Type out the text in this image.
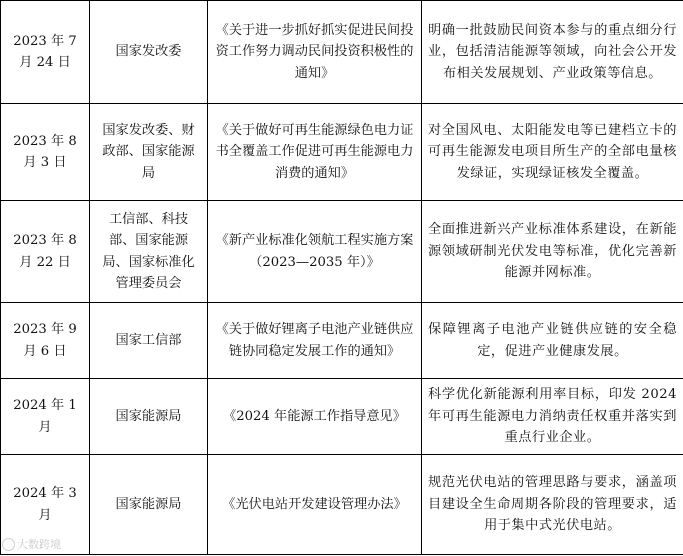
2023 年 7 月 24 日	国家发改委	《关于进一步抓好抓实促进民间投资工作努力调动民间投资积极性的通知》	明确一批鼓励民间资本参与的重点细分行业，包括清洁能源等领域，向社会公开发布相关发展规划、产业政策等信息。
2023 年 8 月 3 日	国家发改委、财政部、国家能源局	《关于做好可再生能源绿色电力证书全覆盖工作促进可再生能源电力消费的通知》	对全国风电、太阳能发电等已建档立卡的可再生能源发电项目所生产的全部电量核发绿证，实现绿证核发全覆盖。
2023 年 8 月 22 日	工信部、科技部、国家能源局、国家标准化管理委员会	《新产业标准化领航工程实施方案（2023—2035 年）》	全面推进新兴产业标准体系建设，在新能源领域研制光伏发电等标准，优化完善新能源并网标准。
2023 年 9 月 6 日	国家工信部	《关于做好锂离子电池产业链供应链协同稳定发展工作的通知》	保障锂离子电池产业链供应链的安全稳定，促进产业健康发展。
2024 年 1 月	国家能源局	《2024 年能源工作指导意见》	科学优化新能源利用率目标，印发 2024 年可再生能源电力消纳责任权重并落实到重点行业企业。
2024 年 3 月	国家能源局	《光伏电站开发建设管理办法》	规范光伏电站的管理思路与要求，涵盖项目建设全生命周期各阶段的管理要求，适用于集中式光伏电站。
大数跨境
